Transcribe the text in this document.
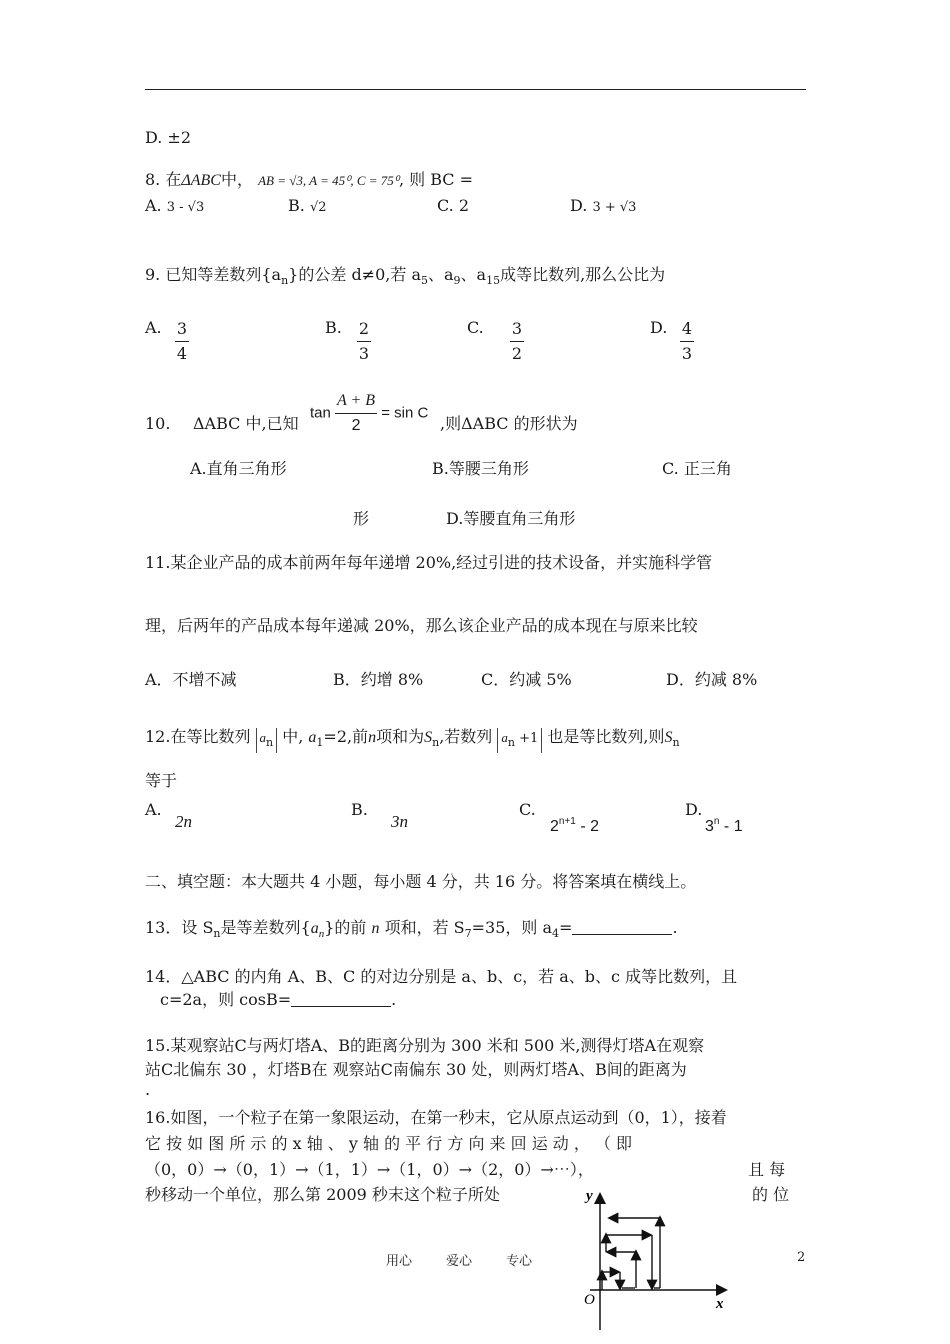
D. ±2
8. 在ΔABC中， AB = √3, A = 45⁰, C = 75⁰, 则 BC =
A. 3 - √3	B. √2	C. 2	D. 3 + √3
9. 已知等差数列$\{a_n\}$的公差 d≠0,若 $a_5$、$a_9$、$a_{15}$成等比数列,那么公比为
A. 3
4
B. 2
3
C. 3
2
D. 4
3
10. ΔABC 中,已知
$\tan \frac{A + B}{2} = \sin C$
,则ΔABC 的形状为
A.直角三角形	B.等腰三角形	C. 正三角
形	D.等腰直角三角形
11.某企业产品的成本前两年每年递增 20%,经过引进的技术设备，并实施科学管
理，后两年的产品成本每年递减 20%，那么该企业产品的成本现在与原来比较
A．不增不减	B．约增 8%	C．约减 5%	D．约减 8%
12.在等比数列 $a_n$ 中, $a_1=2$,前n项和为$S_n$,若数列 $a_n +1$ 也是等比数列,则$S_n$
等于
A.
2n
B.
3n
C.
$2^{n+1} - 2$
D.
3$^n$ - 1
二、填空题：本大题共 4 小题，每小题 4 分，共 16 分。将答案填在横线上。
13．设 $S_n$是等差数列$\{a_n\}$的前 n 项和，若 $S_7=35$，则 $a_4=$	.
14．△ABC 的内角 A、B、C 的对边分别是 a、b、c，若 a、b、c 成等比数列，且
c=2a，则 cosB=	.
15.某观察站C与两灯塔A、B的距离分别为 300 米和 500 米,测得灯塔A在观察
站C北偏东 30 ，灯塔B在 观察站C南偏东 30 处，则两灯塔A、B间的距离为
.
16.如图，一个粒子在第一象限运动，在第一秒末，它从原点运动到（0，1），接着
它 按 如 图 所 示 的 x 轴 、 y 轴 的 平 行 方 向 来 回 运 动 ， （ 即
（0，0）→（0，1）→（1，1）→（1，0）→（2，0）→⋯），	且 每
秒移动一个单位，那么第 2009 秒末这个粒子所处	的 位
y
O	x
用心	爱心	专心	2
